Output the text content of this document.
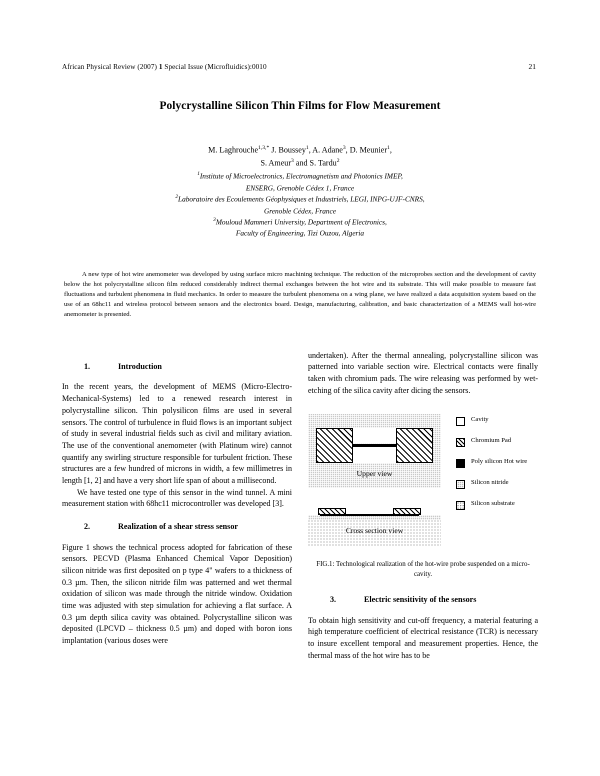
African Physical Review (2007) 1 Special Issue (Microfluidics):0010	21
Polycrystalline Silicon Thin Films for Flow Measurement
M. Laghrouche$^{1,3,*}$ J. Boussey$^1$, A. Adane$^3$, D. Meunier$^1$,
S. Ameur$^3$ and S. Tardu$^2$
$^1$Institute of Microelectronics, Electromagnetism and Photonics IMEP,
ENSERG, Grenoble Cédex 1, France
$^2$Laboratoire des Ecoulements Géophysiques et Industriels, LEGI, INPG-UJF-CNRS,
Grenoble Cédex, France
$^3$Mouloud Mammeri University, Department of Electronics,
Faculty of Engineering, Tizi Ouzou, Algeria
A new type of hot wire anemometer was developed by using surface micro machining technique. The reduction of the microprobes section and the development of cavity below the hot polycrystalline silicon film reduced considerably indirect thermal exchanges between the hot wire and its substrate. This will make possible to measure fast fluctuations and turbulent phenomena in fluid mechanics. In order to measure the turbulent phenomena on a wing plane, we have realized a data acquisition system based on the use of an 68hc11 and wireless protocol between sensors and the electronics board. Design, manufacturing, calibration, and basic characterization of a MEMS wall hot-wire anemometer is presented.
1.	Introduction

In the recent years, the development of MEMS (Micro-Electro-Mechanical-Systems) led to a renewed research interest in polycrystalline silicon. Thin polysilicon films are used in several sensors. The control of turbulence in fluid flows is an important subject of study in several industrial fields such as civil and military aviation. The use of the conventional anemometer (with Platinum wire) cannot quantify any swirling structure responsible for turbulent friction. These structures are a few hundred of microns in width, a few millimetres in length [1, 2] and have a very short life span of about a millisecond.

We have tested one type of this sensor in the wind tunnel. A mini measurement station with 68hc11 microcontroller was developed [3].

2.	Realization of a shear stress sensor

Figure 1 shows the technical process adopted for fabrication of these sensors. PECVD (Plasma Enhanced Chemical Vapor Deposition) silicon nitride was first deposited on p type 4" wafers to a thickness of 0.3 µm. Then, the silicon nitride film was patterned and wet thermal oxidation of silicon was made through the nitride window. Oxidation time was adjusted with step simulation for achieving a flat surface. A 0.3 µm depth silica cavity was obtained. Polycrystalline silicon was deposited (LPCVD – thickness 0.5 µm) and doped with boron ions implantation (various doses were

undertaken). After the thermal annealing, polycrystalline silicon was patterned into variable section wire. Electrical contacts were finally taken with chromium pads. The wire releasing was performed by wet-etching of the silica cavity after dicing the sensors.

Upper view
Cross section view
Cavity
Chromium Pad
Poly silicon Hot wire
Silicon nitride
Silicon substrate
FIG.1: Technological realization of the hot-wire probe suspended on a micro-cavity.
3.	Electric sensitivity of the sensors

To obtain high sensitivity and cut-off frequency, a material featuring a high temperature coefficient of electrical resistance (TCR) is necessary to insure excellent temporal and measurement properties. Hence, the thermal mass of the hot wire has to be
